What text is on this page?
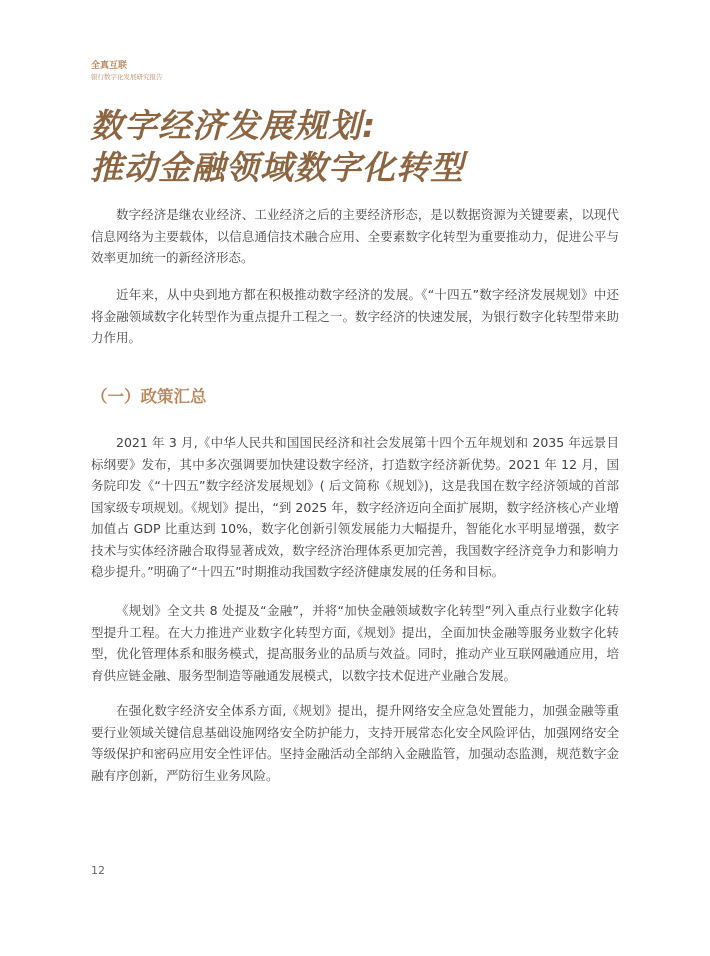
全真互联
银行数字化发展研究报告
数字经济发展规划:
推动金融领域数字化转型

数字经济是继农业经济、工业经济之后的主要经济形态，是以数据资源为关键要素，以现代信息网络为主要载体，以信息通信技术融合应用、全要素数字化转型为重要推动力，促进公平与效率更加统一的新经济形态。

近年来，从中央到地方都在积极推动数字经济的发展。《“十四五”数字经济发展规划》中还将金融领域数字化转型作为重点提升工程之一。数字经济的快速发展，为银行数字化转型带来助力作用。

（一）政策汇总

2021 年 3 月,《中华人民共和国国民经济和社会发展第十四个五年规划和 2035 年远景目标纲要》发布，其中多次强调要加快建设数字经济，打造数字经济新优势。2021 年 12 月，国务院印发《“十四五”数字经济发展规划》( 后文简称《规划》)，这是我国在数字经济领域的首部国家级专项规划。《规划》提出，“到 2025 年，数字经济迈向全面扩展期，数字经济核心产业增加值占 GDP 比重达到 10%，数字化创新引领发展能力大幅提升，智能化水平明显增强，数字技术与实体经济融合取得显著成效，数字经济治理体系更加完善，我国数字经济竞争力和影响力稳步提升。”明确了“十四五”时期推动我国数字经济健康发展的任务和目标。

《规划》全文共 8 处提及“金融”，并将“加快金融领域数字化转型”列入重点行业数字化转型提升工程。在大力推进产业数字化转型方面,《规划》提出，全面加快金融等服务业数字化转型，优化管理体系和服务模式，提高服务业的品质与效益。同时，推动产业互联网融通应用，培育供应链金融、服务型制造等融通发展模式，以数字技术促进产业融合发展。

在强化数字经济安全体系方面,《规划》提出，提升网络安全应急处置能力，加强金融等重要行业领域关键信息基础设施网络安全防护能力，支持开展常态化安全风险评估，加强网络安全等级保护和密码应用安全性评估。坚持金融活动全部纳入金融监管，加强动态监测，规范数字金融有序创新，严防衍生业务风险。

12
